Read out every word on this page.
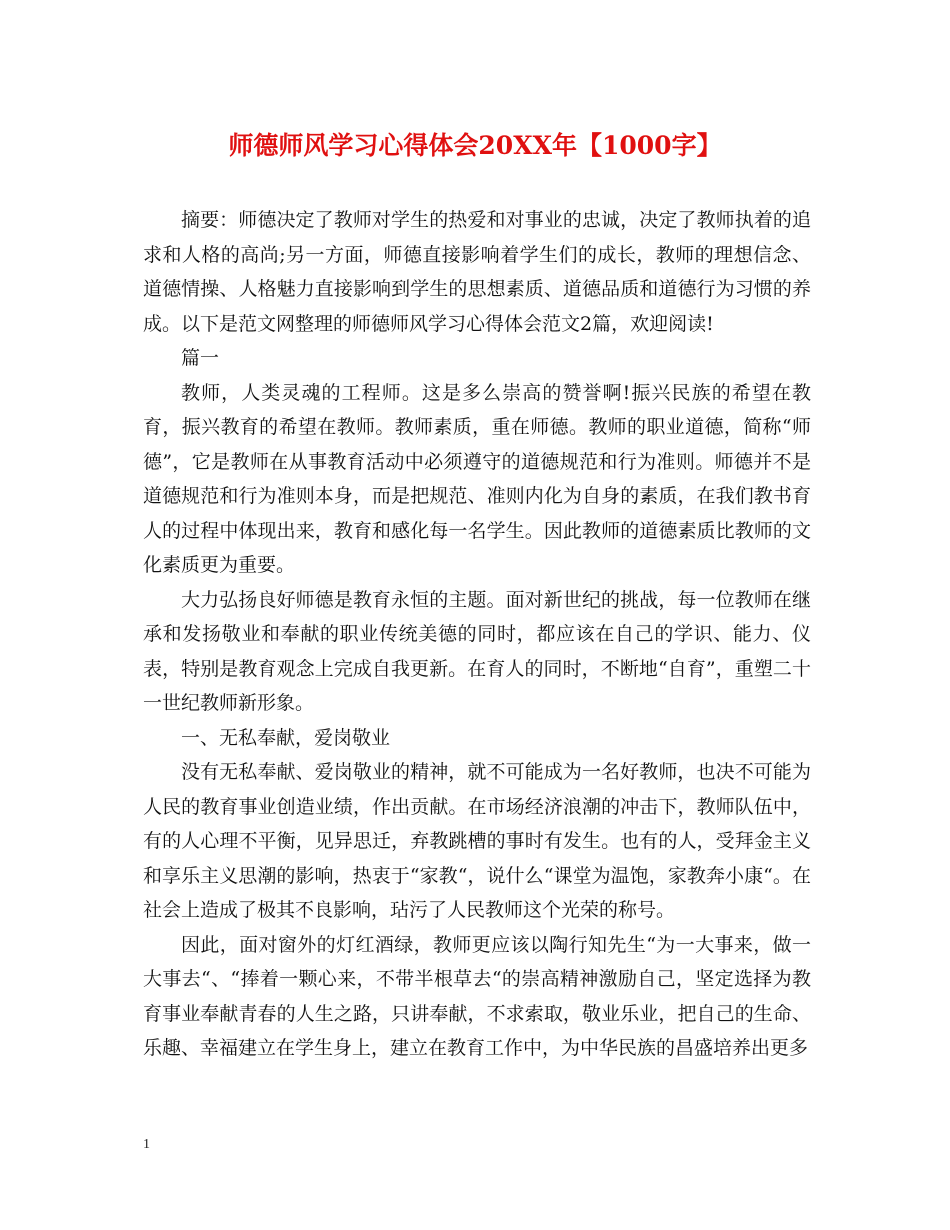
师德师风学习心得体会20XX年【1000字】

摘要：师德决定了教师对学生的热爱和对事业的忠诚，决定了教师执着的追求和人格的高尚;另一方面，师德直接影响着学生们的成长，教师的理想信念、道德情操、人格魅力直接影响到学生的思想素质、道德品质和道德行为习惯的养成。以下是范文网整理的师德师风学习心得体会范文2篇，欢迎阅读!

篇一

教师，人类灵魂的工程师。这是多么崇高的赞誉啊!振兴民族的希望在教育，振兴教育的希望在教师。教师素质，重在师德。教师的职业道德，简称“师德”，它是教师在从事教育活动中必须遵守的道德规范和行为准则。师德并不是道德规范和行为准则本身，而是把规范、准则内化为自身的素质，在我们教书育人的过程中体现出来，教育和感化每一名学生。因此教师的道德素质比教师的文化素质更为重要。

大力弘扬良好师德是教育永恒的主题。面对新世纪的挑战，每一位教师在继承和发扬敬业和奉献的职业传统美德的同时，都应该在自己的学识、能力、仪表，特别是教育观念上完成自我更新。在育人的同时，不断地“自育”，重塑二十一世纪教师新形象。

一、无私奉献，爱岗敬业

没有无私奉献、爱岗敬业的精神，就不可能成为一名好教师，也决不可能为人民的教育事业创造业绩，作出贡献。在市场经济浪潮的冲击下，教师队伍中，有的人心理不平衡，见异思迁，弃教跳槽的事时有发生。也有的人，受拜金主义和享乐主义思潮的影响，热衷于“家教“，说什么“课堂为温饱，家教奔小康“。在社会上造成了极其不良影响，玷污了人民教师这个光荣的称号。

因此，面对窗外的灯红酒绿，教师更应该以陶行知先生“为一大事来，做一大事去“、“捧着一颗心来，不带半根草去“的崇高精神激励自己，坚定选择为教育事业奉献青春的人生之路，只讲奉献，不求索取，敬业乐业，把自己的生命、乐趣、幸福建立在学生身上，建立在教育工作中，为中华民族的昌盛培养出更多

1
